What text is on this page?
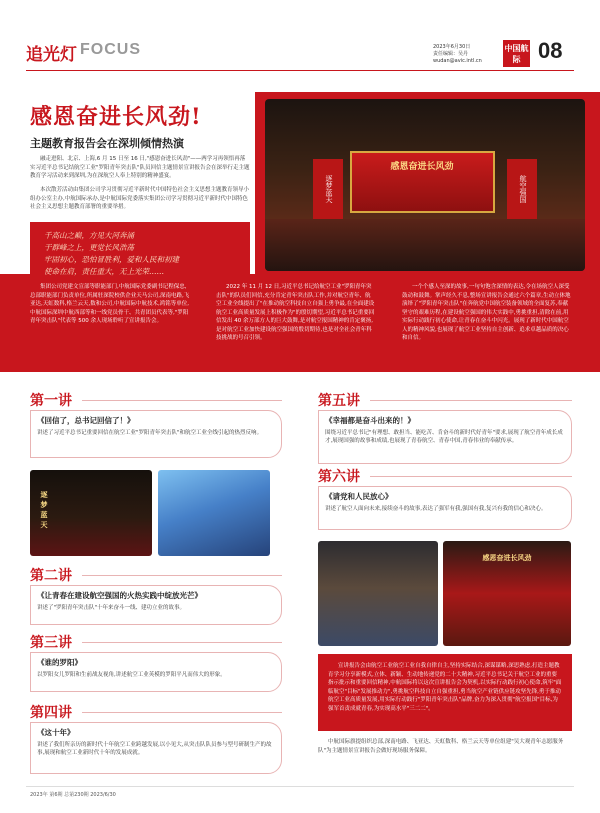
追光灯 FOCUS	2023年6月30日
责任编辑：吴丹
wudan@avic.intl.cn
中国航际 08
感恩奋进长风劲
逐梦蓝天	航空强国
感恩奋进长风劲!
主题教育报告会在深圳倾情热演
融走进阳、北京、上海,6 月 15 日至 16 日,"感恩奋进长风劲"——两学习再领悟再落实习近平总书记结航空工业"罗阳青年突击队"队员回信主题情景宣讲报告会在深举行走主题教育学习活动来到深圳,为在深航空人奉上特别的精神盛宴。
本次散芳活动由集团公司学习贯彻习近平新时代中国特色社会主义思想主题教育领导小组办公室主办,中航国际承办,是中航国际党委落实集团公司学习贯彻习近平新时代中国特色社会主义思想主题教育部署的重要举措。
千高山之巅，方见大河奔涌
于群峰之上，更觉长风浩荡
牢固初心，恐怕冒胜利，爱和人民和初建
使命在肩，责任重大，无上光荣……
集团公司党建文宣部等职能部门,中航国际党委副书记程保忠,总部职能部门负责单位,所属驻深院校供企业天马公司,深南电路,飞亚达,天虹数科,格兰云天,数和公司,中航国际中航技术,鸿铭等单位,中航国际深圳中航西部等和一线党员骨干、共青团员代表等,"罗阳青年突击队"代表等 500 余人现场聆听了宣讲报告会。
2022 年 11 月 12 日,习近平总书记给航空工业"罗阳青年突击队"的队员们回信,充分肯定青年突击队工作,并对航空青年、航空工业全线提出了"在推动航空科技自立自强上勇争最,在全面建设航空工业高质量发展上积极作为"的殷切期望,习近平总书记重要回信发出 40 余万部方人的巨大鼓舞,是对航空报国精神的肯定褒扬,是对航空工业加快建设航空强国的殷切期待,也是对全社会青年科技挑战的号召引领。
一个个感人至深的故事,一句句饱含深情的表达,令在场航空人深受鼓动和鼓舞。掌声经久不息,整场宣讲报告会通过六个篇章,生动立体地演绎了"罗阳青年突击队"在奔航党中国航空装备领域的全面复苏,奉献坚守的艰难历程,在建设航空强国的伟大实践中,勇挑重担,清除在前,用实际行动践行初心使命,让青春在奋斗中闪光。展现了新时代中国航空人的精神风貌,也展现了航空工业坚持自主创新、追求卓越品质的决心和自信。
第一讲
《回信了，总书记回信了！》
讲述了习近平总书记重要回信在航空工业"罗阳青年突击队"和航空工业全线引起的热烈反响。
逐梦蓝天
第二讲
《让青春在建设航空强国的火热实践中绽放光芒》
讲述了"罗阳青年突击队"十年来奋斗一线、建功立业的故事。
第三讲
《谁的罗阳》
以罗阳女儿罗阳和生前战友视角,讲述航空工业英模的罗阳平凡而伟大的形象。
第四讲
《这十年》
讲述了我们所亲历的新时代十年航空工业跨越发展,以小见大,从突击队队员参与型号研制生产的故事,展现和航空工业新时代十年的发展成就。
第五讲
《幸福都是奋斗出来的！》
围绕习近平总书记"有理想、敢担当、能吃苦、肯奋斗的新时代好青年"要求,展现了航空青年成长成才,展现国强的故事和成绩,也展现了青春航空、青春中国,青春伟业的奉献传承。
第六讲
《请党和人民放心》
讲述了航空人面向未来,接续奋斗的故事,表达了强军有我,强国有我,复兴有我的信心和决心。
感恩奋进长风劲
宣讲报告会由航空工业航空工业自我自律自主,坚持实际结合,深谋谋略,深思熟虑,打造主题教育学习分享新模式,立体、新颖、生动地传递党的二十大精神,习近平总书记关于航空工业的重要指示批示和重要回信精神,中航国际将以这次宣讲报告会为契机,以实际行动践行初心使命,筑牢"面临航空"目标"发展推动力",勇挑航空科技自立自强重担,勇当航空产业链供应链攻坚先锋,勇于推动航空工业高质量发展,用实际行动践行"罗阳青年突击队"品牌,奋力为深入贯彻"航空报国"目标,为强军首责成就青春,为实现高水平"三二二"。
中航国际旗提组织总部,深南电路、飞亚达、天虹数科、格兰云天等单位组建"吴大观青年志愿服务队"为主题情景宣讲报告会做好现场服务保障。
2023年 第6期 总第230期 2023/6/30
